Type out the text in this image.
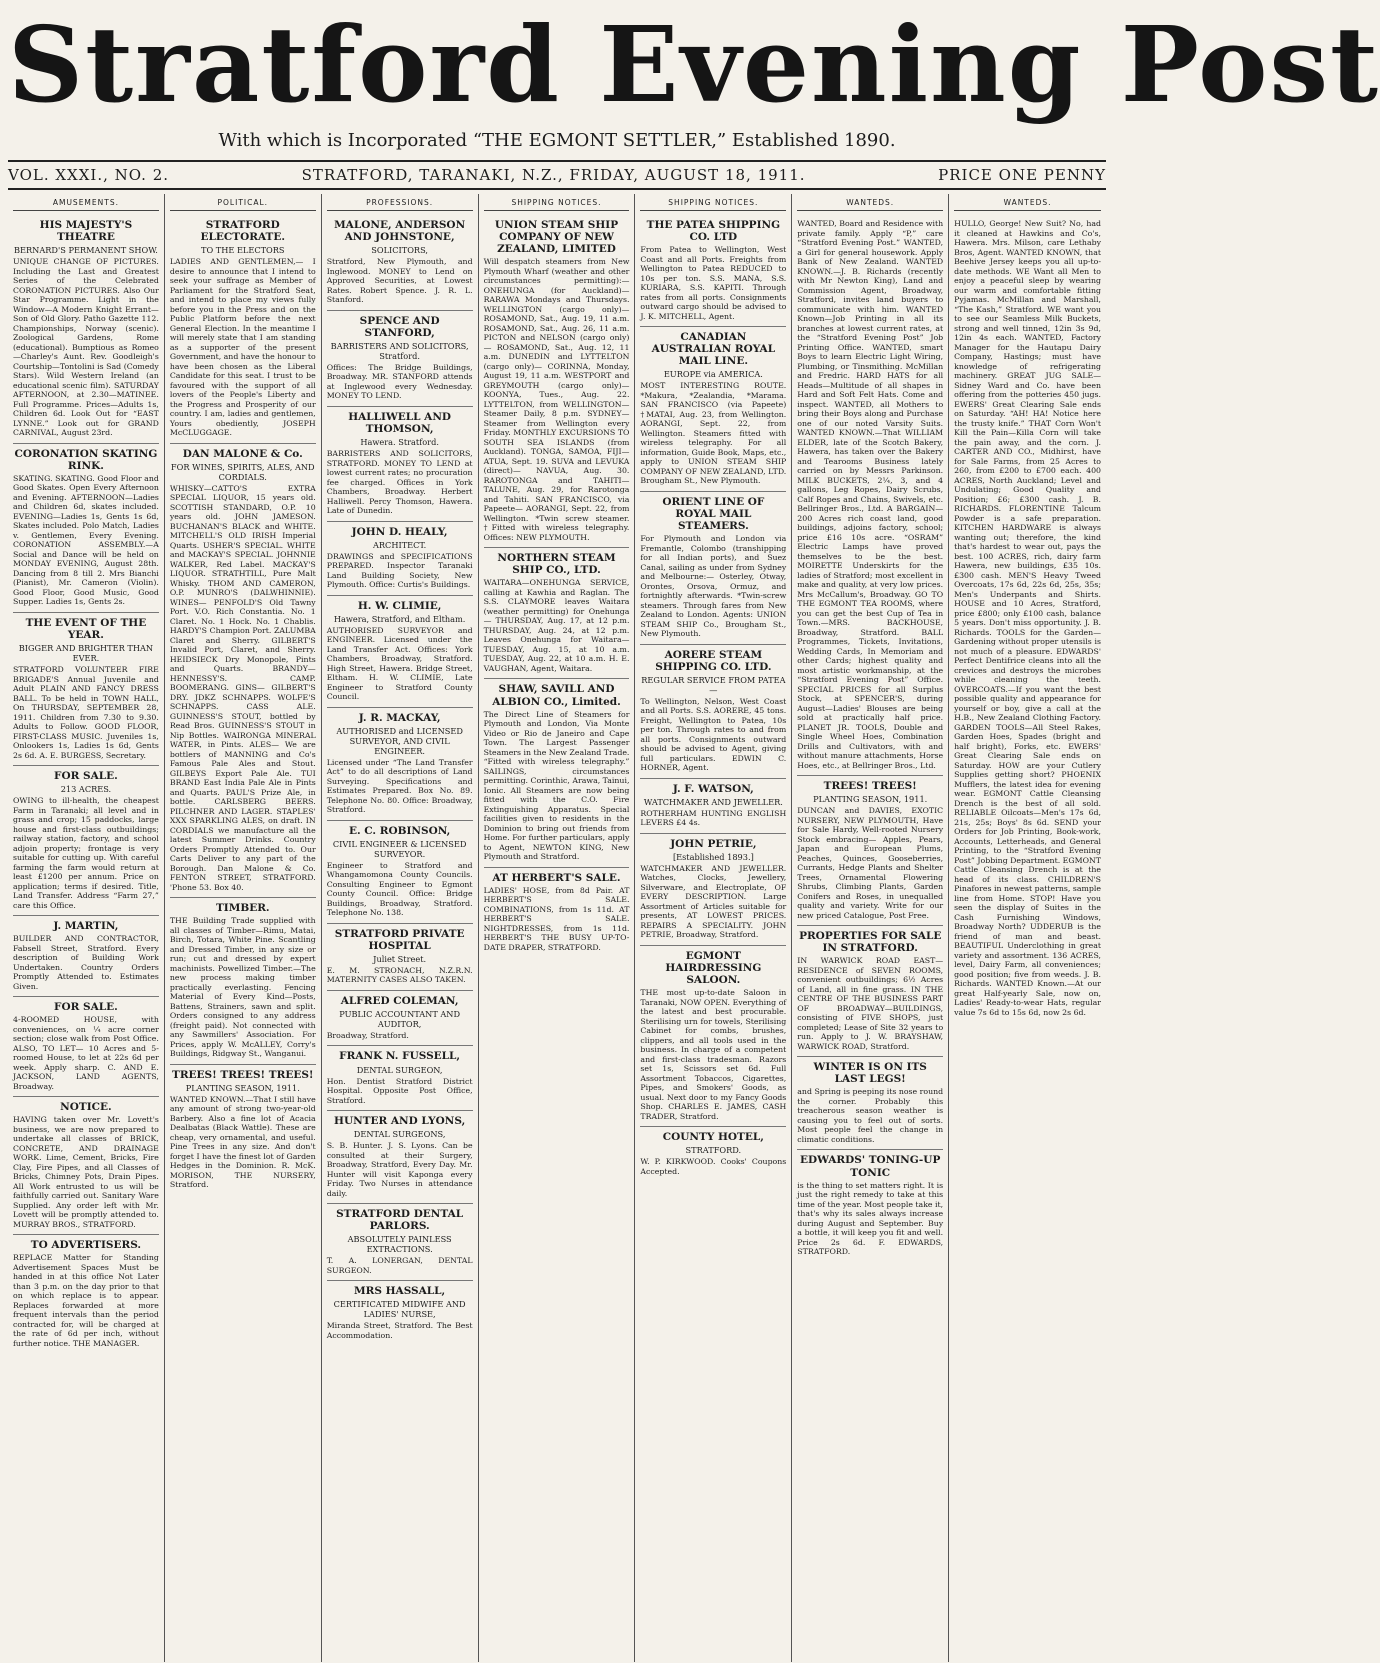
Stratford Evening Post
With which is Incorporated “THE EGMONT SETTLER,” Established 1890.
VOL. XXXI., NO. 2.	STRATFORD, TARANAKI, N.Z., FRIDAY, AUGUST 18, 1911.	PRICE ONE PENNY
AMUSEMENTS.
HIS MAJESTY'S THEATRE
BERNARD'S PERMANENT SHOW.
UNIQUE CHANGE OF PICTURES. Including the Last and Greatest Series of the Celebrated CORONATION PICTURES. Also Our Star Programme. Light in the Window—A Modern Knight Errant—Son of Old Glory. Patho Gazette 112. Championships, Norway (scenic). Zoological Gardens, Rome (educational). Bumptious as Romeo—Charley's Aunt. Rev. Goodleigh's Courtship—Tontolini is Sad (Comedy Stars). Wild Western Ireland (an educational scenic film). SATURDAY AFTERNOON, at 2.30—MATINEE. Full Programme. Prices—Adults 1s, Children 6d. Look Out for “EAST LYNNE.” Look out for GRAND CARNIVAL, August 23rd.
CORONATION SKATING RINK.
SKATING. SKATING. Good Floor and Good Skates. Open Every Afternoon and Evening. AFTERNOON—Ladies and Children 6d, skates included. EVENING—Ladies 1s, Gents 1s 6d, Skates included. Polo Match, Ladies v. Gentlemen, Every Evening. CORONATION ASSEMBLY.—A Social and Dance will be held on MONDAY EVENING, August 28th. Dancing from 8 till 2. Mrs Bianchi (Pianist), Mr. Cameron (Violin). Good Floor, Good Music, Good Supper. Ladies 1s, Gents 2s.
THE EVENT OF THE YEAR.
BIGGER AND BRIGHTER THAN EVER.
STRATFORD VOLUNTEER FIRE BRIGADE'S Annual Juvenile and Adult PLAIN AND FANCY DRESS BALL. To be held in TOWN HALL, On THURSDAY, SEPTEMBER 28, 1911. Children from 7.30 to 9.30. Adults to Follow. GOOD FLOOR, FIRST-CLASS MUSIC. Juveniles 1s, Onlookers 1s, Ladies 1s 6d, Gents 2s 6d. A. E. BURGESS, Secretary.
FOR SALE.
213 ACRES.
OWING to ill-health, the cheapest Farm in Taranaki; all level and in grass and crop; 15 paddocks, large house and first-class outbuildings; railway station, factory, and school adjoin property; frontage is very suitable for cutting up. With careful farming the farm would return at least £1200 per annum. Price on application; terms if desired. Title, Land Transfer. Address “Farm 27,” care this Office.
J. MARTIN,
BUILDER AND CONTRACTOR, Fabsell Street, Stratford. Every description of Building Work Undertaken. Country Orders Promptly Attended to. Estimates Given.
FOR SALE.
4-ROOMED HOUSE, with conveniences, on ¼ acre corner section; close walk from Post Office. ALSO, TO LET— 10 Acres and 5-roomed House, to let at 22s 6d per week. Apply sharp. C. AND E. JACKSON, LAND AGENTS, Broadway.
NOTICE.
HAVING taken over Mr. Lovett's business, we are now prepared to undertake all classes of BRICK, CONCRETE, AND DRAINAGE WORK. Lime, Cement, Bricks, Fire Clay, Fire Pipes, and all Classes of Bricks, Chimney Pots, Drain Pipes. All Work entrusted to us will be faithfully carried out. Sanitary Ware Supplied. Any order left with Mr. Lovett will be promptly attended to. MURRAY BROS., STRATFORD.
TO ADVERTISERS.
REPLACE Matter for Standing Advertisement Spaces Must be handed in at this office Not Later than 3 p.m. on the day prior to that on which replace is to appear. Replaces forwarded at more frequent intervals than the period contracted for, will be charged at the rate of 6d per inch, without further notice. THE MANAGER.
POLITICAL.
STRATFORD ELECTORATE.
TO THE ELECTORS
LADIES AND GENTLEMEN,— I desire to announce that I intend to seek your suffrage as Member of Parliament for the Stratford Seat, and intend to place my views fully before you in the Press and on the Public Platform before the next General Election. In the meantime I will merely state that I am standing as a supporter of the present Government, and have the honour to have been chosen as the Liberal Candidate for this seat. I trust to be favoured with the support of all lovers of the People's Liberty and the Progress and Prosperity of our country. I am, ladies and gentlemen, Yours obediently, JOSEPH McCLUGGAGE.
DAN MALONE & Co.
FOR WINES, SPIRITS, ALES, AND CORDIALS.
WHISKY—CATTO'S EXTRA SPECIAL LIQUOR, 15 years old. SCOTTISH STANDARD, O.P. 10 years old. JOHN JAMESON. BUCHANAN'S BLACK and WHITE. MITCHELL'S OLD IRISH Imperial Quarts. USHER'S SPECIAL. WHITE and MACKAY'S SPECIAL. JOHNNIE WALKER, Red Label. MACKAY'S LIQUOR. STRATHTILL, Pure Malt Whisky. THOM AND CAMERON, O.P. MUNRO'S (DALWHINNIE). WINES— PENFOLD'S Old Tawny Port. V.O. Rich Constantia. No. 1 Claret. No. 1 Hock. No. 1 Chablis. HARDY'S Champion Port. ZALUMBA Claret and Sherry. GILBERT'S Invalid Port, Claret, and Sherry. HEIDSIECK Dry Monopole, Pints and Quarts. BRANDY— HENNESSY'S. CAMP. BOOMERANG. GINS— GILBERT'S DRY. JDKZ SCHNAPPS. WOLFE'S SCHNAPPS. CASS ALE. GUINNESS'S STOUT, bottled by Read Bros. GUINNESS'S STOUT in Nip Bottles. WAIRONGA MINERAL WATER, in Pints. ALES— We are bottlers of MANNING and Co's Famous Pale Ales and Stout. GILBEYS Export Pale Ale. TUI BRAND East India Pale Ale in Pints and Quarts. PAUL'S Prize Ale, in bottle. CARLSBERG BEERS. PILCHNER AND LAGER. STAPLES' XXX SPARKLING ALES, on draft. IN CORDIALS we manufacture all the latest Summer Drinks. Country Orders Promptly Attended to. Our Carts Deliver to any part of the Borough. Dan Malone & Co. FENTON STREET, STRATFORD. 'Phone 53. Box 40.
TIMBER.
THE Building Trade supplied with all classes of Timber—Rimu, Matai, Birch, Totara, White Pine. Scantling and Dressed Timber, in any size or run; cut and dressed by expert machinists. Powellized Timber.—The new process making timber practically everlasting. Fencing Material of Every Kind—Posts, Battens, Strainers, sawn and split. Orders consigned to any address (freight paid). Not connected with any Sawmillers' Association. For Prices, apply W. McALLEY, Corry's Buildings, Ridgway St., Wanganui.
TREES! TREES! TREES!
PLANTING SEASON, 1911.
WANTED KNOWN.—That I still have any amount of strong two-year-old Barbery. Also a fine lot of Acacia Dealbatas (Black Wattle). These are cheap, very ornamental, and useful. Pine Trees in any size. And don't forget I have the finest lot of Garden Hedges in the Dominion. R. McK. MORISON, THE NURSERY, Stratford.
PROFESSIONS.
MALONE, ANDERSON AND JOHNSTONE,
SOLICITORS,
Stratford, New Plymouth, and Inglewood. MONEY to Lend on Approved Securities, at Lowest Rates. Robert Spence. J. R. L. Stanford.
SPENCE AND STANFORD,
BARRISTERS AND SOLICITORS, Stratford.
Offices: The Bridge Buildings, Broadway. MR. STANFORD attends at Inglewood every Wednesday. MONEY TO LEND.
HALLIWELL AND THOMSON,
Hawera. Stratford.
BARRISTERS AND SOLICITORS, STRATFORD. MONEY TO LEND at lowest current rates; no procuration fee charged. Offices in York Chambers, Broadway. Herbert Halliwell. Percy Thomson, Hawera. Late of Dunedin.
JOHN D. HEALY,
ARCHITECT.
DRAWINGS and SPECIFICATIONS PREPARED. Inspector Taranaki Land Building Society, New Plymouth. Office: Curtis's Buildings.
H. W. CLIMIE,
Hawera, Stratford, and Eltham.
AUTHORISED SURVEYOR and ENGINEER. Licensed under the Land Transfer Act. Offices: York Chambers, Broadway, Stratford. High Street, Hawera. Bridge Street, Eltham. H. W. CLIMIE, Late Engineer to Stratford County Council.
J. R. MACKAY,
AUTHORISED and LICENSED SURVEYOR, AND CIVIL ENGINEER.
Licensed under “The Land Transfer Act” to do all descriptions of Land Surveying. Specifications and Estimates Prepared. Box No. 89. Telephone No. 80. Office: Broadway, Stratford.
E. C. ROBINSON,
CIVIL ENGINEER & LICENSED SURVEYOR.
Engineer to Stratford and Whangamomona County Councils. Consulting Engineer to Egmont County Council. Office: Bridge Buildings, Broadway, Stratford. Telephone No. 138.
STRATFORD PRIVATE HOSPITAL
Juliet Street.
E. M. STRONACH, N.Z.R.N. MATERNITY CASES ALSO TAKEN.
ALFRED COLEMAN,
PUBLIC ACCOUNTANT AND AUDITOR,
Broadway, Stratford.
FRANK N. FUSSELL,
DENTAL SURGEON,
Hon. Dentist Stratford District Hospital. Opposite Post Office, Stratford.
HUNTER AND LYONS,
DENTAL SURGEONS,
S. B. Hunter. J. S. Lyons. Can be consulted at their Surgery, Broadway, Stratford, Every Day. Mr. Hunter will visit Kaponga every Friday. Two Nurses in attendance daily.
STRATFORD DENTAL PARLORS.
ABSOLUTELY PAINLESS EXTRACTIONS.
T. A. LONERGAN, DENTAL SURGEON.
MRS HASSALL,
CERTIFICATED MIDWIFE AND LADIES' NURSE,
Miranda Street, Stratford. The Best Accommodation.
SHIPPING NOTICES.
UNION STEAM SHIP COMPANY OF NEW ZEALAND, LIMITED
Will despatch steamers from New Plymouth Wharf (weather and other circumstances permitting):— ONEHUNGA (for Auckland)— RARAWA Mondays and Thursdays. WELLINGTON (cargo only)— ROSAMOND, Sat., Aug. 19, 11 a.m. ROSAMOND, Sat., Aug. 26, 11 a.m. PICTON and NELSON (cargo only)— ROSAMOND, Sat., Aug. 12, 11 a.m. DUNEDIN and LYTTELTON (cargo only)— CORINNA, Monday, August 19, 11 a.m. WESTPORT and GREYMOUTH (cargo only)— KOONYA, Tues., Aug. 22. LYTTELTON, from WELLINGTON—Steamer Daily, 8 p.m. SYDNEY— Steamer from Wellington every Friday. MONTHLY EXCURSIONS TO SOUTH SEA ISLANDS (from Auckland). TONGA, SAMOA, FIJI— ATUA, Sept. 19. SUVA and LEVUKA (direct)— NAVUA, Aug. 30. RAROTONGA and TAHITI— TALUNE, Aug. 29, for Rarotonga and Tahiti. SAN FRANCISCO, via Papeete— AORANGI, Sept. 22, from Wellington. *Twin screw steamer. †Fitted with wireless telegraphy. Offices: NEW PLYMOUTH.
NORTHERN STEAM SHIP CO., LTD.
WAITARA—ONEHUNGA SERVICE, calling at Kawhia and Raglan. The S.S. CLAYMORE leaves Waitara (weather permitting) for Onehunga— THURSDAY, Aug. 17, at 12 p.m. THURSDAY, Aug. 24, at 12 p.m. Leaves Onehunga for Waitara— TUESDAY, Aug. 15, at 10 a.m. TUESDAY, Aug. 22, at 10 a.m. H. E. VAUGHAN, Agent, Waitara.
SHAW, SAVILL AND ALBION CO., Limited.
The Direct Line of Steamers for Plymouth and London, Via Monte Video or Rio de Janeiro and Cape Town. The Largest Passenger Steamers in the New Zealand Trade. “Fitted with wireless telegraphy.” SAILINGS, circumstances permitting. Corinthic, Arawa, Tainui, Ionic. All Steamers are now being fitted with the C.O. Fire Extinguishing Apparatus. Special facilities given to residents in the Dominion to bring out friends from Home. For further particulars, apply to Agent, NEWTON KING, New Plymouth and Stratford.
AT HERBERT'S SALE.
LADIES' HOSE, from 8d Pair. AT HERBERT'S SALE. COMBINATIONS, from 1s 11d. AT HERBERT'S SALE. NIGHTDRESSES, from 1s 11d. HERBERT'S THE BUSY UP-TO-DATE DRAPER, STRATFORD.
SHIPPING NOTICES.
THE PATEA SHIPPING CO. LTD
From Patea to Wellington, West Coast and all Ports. Freights from Wellington to Patea REDUCED to 10s per ton. S.S. MANA, S.S. KURIARA, S.S. KAPITI. Through rates from all ports. Consignments outward cargo should be advised to J. K. MITCHELL, Agent.
CANADIAN AUSTRALIAN ROYAL MAIL LINE.
EUROPE via AMERICA.
MOST INTERESTING ROUTE. *Makura, *Zealandia, *Marama. SAN FRANCISCO (via Papeete) †MATAI, Aug. 23, from Wellington. AORANGI, Sept. 22, from Wellington. Steamers fitted with wireless telegraphy. For all information, Guide Book, Maps, etc., apply to UNION STEAM SHIP COMPANY OF NEW ZEALAND, LTD. Brougham St., New Plymouth.
ORIENT LINE OF ROYAL MAIL STEAMERS.
For Plymouth and London via Fremantle, Colombo (transhipping for all Indian ports), and Suez Canal, sailing as under from Sydney and Melbourne:— Osterley, Otway, Orontes, Orsova, Ormuz, and fortnightly afterwards. *Twin-screw steamers. Through fares from New Zealand to London. Agents: UNION STEAM SHIP Co., Brougham St., New Plymouth.
AORERE STEAM SHIPPING CO. LTD.
REGULAR SERVICE FROM PATEA—
To Wellington, Nelson, West Coast and all Ports. S.S. AORERE, 45 tons. Freight, Wellington to Patea, 10s per ton. Through rates to and from all ports. Consignments outward should be advised to Agent, giving full particulars. EDWIN C. HORNER, Agent.
J. F. WATSON,
WATCHMAKER AND JEWELLER.
ROTHERHAM HUNTING ENGLISH LEVERS £4 4s.
JOHN PETRIE,
[Established 1893.]
WATCHMAKER AND JEWELLER. Watches, Clocks, Jewellery, Silverware, and Electroplate, OF EVERY DESCRIPTION. Large Assortment of Articles suitable for presents, AT LOWEST PRICES. REPAIRS A SPECIALITY. JOHN PETRIE, Broadway, Stratford.
EGMONT HAIRDRESSING SALOON.
THE most up-to-date Saloon in Taranaki, NOW OPEN. Everything of the latest and best procurable. Sterilising urn for towels, Sterilising Cabinet for combs, brushes, clippers, and all tools used in the business. In charge of a competent and first-class tradesman. Razors set 1s, Scissors set 6d. Full Assortment Tobaccos, Cigarettes, Pipes, and Smokers' Goods, as usual. Next door to my Fancy Goods Shop. CHARLES E. JAMES, CASH TRADER, Stratford.
COUNTY HOTEL,
STRATFORD.
W. P. KIRKWOOD. Cooks' Coupons Accepted.
WANTEDS.
WANTED, Board and Residence with private family. Apply “P,” care “Stratford Evening Post.” WANTED, a Girl for general housework. Apply Bank of New Zealand. WANTED KNOWN.—J. B. Richards (recently with Mr Newton King), Land and Commission Agent, Broadway, Stratford, invites land buyers to communicate with him. WANTED Known—Job Printing in all its branches at lowest current rates, at the “Stratford Evening Post” Job Printing Office. WANTED, smart Boys to learn Electric Light Wiring, Plumbing, or Tinsmithing. McMillan and Fredric. HARD HATS for all Heads—Multitude of all shapes in Hard and Soft Felt Hats. Come and inspect. WANTED, all Mothers to bring their Boys along and Purchase one of our noted Varsity Suits. WANTED KNOWN.—That WILLIAM ELDER, late of the Scotch Bakery, Hawera, has taken over the Bakery and Tearooms Business lately carried on by Messrs Parkinson. MILK BUCKETS, 2¼, 3, and 4 gallons, Leg Ropes, Dairy Scrubs, Calf Ropes and Chains, Swivels, etc. Bellringer Bros., Ltd. A BARGAIN—200 Acres rich coast land, good buildings, adjoins factory, school; price £16 10s acre. “OSRAM” Electric Lamps have proved themselves to be the best. MOIRETTE Underskirts for the ladies of Stratford; most excellent in make and quality, at very low prices. Mrs McCallum's, Broadway. GO TO THE EGMONT TEA ROOMS, where you can get the best Cup of Tea in Town.—MRS. BACKHOUSE, Broadway, Stratford. BALL Programmes, Tickets, Invitations, Wedding Cards, In Memoriam and other Cards; highest quality and most artistic workmanship, at the “Stratford Evening Post” Office. SPECIAL PRICES for all Surplus Stock, at SPENCER'S, during August—Ladies' Blouses are being sold at practically half price. PLANET JR. TOOLS, Double and Single Wheel Hoes, Combination Drills and Cultivators, with and without manure attachments, Horse Hoes, etc., at Bellringer Bros., Ltd.
TREES! TREES!
PLANTING SEASON, 1911.
DUNCAN and DAVIES, EXOTIC NURSERY, NEW PLYMOUTH, Have for Sale Hardy, Well-rooted Nursery Stock embracing— Apples, Pears, Japan and European Plums, Peaches, Quinces, Gooseberries, Currants, Hedge Plants and Shelter Trees, Ornamental Flowering Shrubs, Climbing Plants, Garden Conifers and Roses, in unequalled quality and variety. Write for our new priced Catalogue, Post Free.
PROPERTIES FOR SALE IN STRATFORD.
IN WARWICK ROAD EAST—RESIDENCE of SEVEN ROOMS, convenient outbuildings; 6½ Acres of Land, all in fine grass. IN THE CENTRE OF THE BUSINESS PART OF BROADWAY—BUILDINGS, consisting of FIVE SHOPS, just completed; Lease of Site 32 years to run. Apply to J. W. BRAYSHAW, WARWICK ROAD, Stratford.
WINTER IS ON ITS LAST LEGS!
and Spring is peeping its nose round the corner. Probably this treacherous season weather is causing you to feel out of sorts. Most people feel the change in climatic conditions.
EDWARDS' TONING-UP TONIC
is the thing to set matters right. It is just the right remedy to take at this time of the year. Most people take it, that's why its sales always increase during August and September. Buy a bottle, it will keep you fit and well. Price 2s 6d. F. EDWARDS, STRATFORD.
WANTEDS.
HULLO, George! New Suit? No, had it cleaned at Hawkins and Co's, Hawera. Mrs. Milson, care Lethaby Bros, Agent. WANTED KNOWN, that Beehive Jersey keeps you all up-to-date methods. WE Want all Men to enjoy a peaceful sleep by wearing our warm and comfortable fitting Pyjamas. McMillan and Marshall, “The Kash,” Stratford. WE want you to see our Seamless Milk Buckets, strong and well tinned, 12in 3s 9d, 12in 4s each. WANTED, Factory Manager for the Hautapu Dairy Company, Hastings; must have knowledge of refrigerating machinery. GREAT JUG SALE—Sidney Ward and Co. have been offering from the potteries 450 jugs. EWERS' Great Clearing Sale ends on Saturday. “AH! HA! Notice here the trusty knife.” THAT Corn Won't Kill the Pain—Killa Corn will take the pain away, and the corn. J. CARTER AND CO., Midhirst, have for Sale Farms, from 25 Acres to 260, from £200 to £700 each. 400 ACRES, North Auckland; Level and Undulating; Good Quality and Position; £6; £300 cash. J. B. RICHARDS. FLORENTINE Talcum Powder is a safe preparation. KITCHEN HARDWARE is always wanting out; therefore, the kind that's hardest to wear out, pays the best. 100 ACRES, rich, dairy farm Hawera, new buildings, £35 10s. £300 cash. MEN'S Heavy Tweed Overcoats, 17s 6d, 22s 6d, 25s, 35s; Men's Underpants and Shirts. HOUSE and 10 Acres, Stratford, price £800; only £100 cash, balance 5 years. Don't miss opportunity. J. B. Richards. TOOLS for the Garden—Gardening without proper utensils is not much of a pleasure. EDWARDS' Perfect Dentifrice cleans into all the crevices and destroys the microbes while cleaning the teeth. OVERCOATS.—If you want the best possible quality and appearance for yourself or boy, give a call at the H.B., New Zealand Clothing Factory. GARDEN TOOLS—All Steel Rakes, Garden Hoes, Spades (bright and half bright), Forks, etc. EWERS' Great Clearing Sale ends on Saturday. HOW are your Cutlery Supplies getting short? PHOENIX Mufflers, the latest idea for evening wear. EGMONT Cattle Cleansing Drench is the best of all sold. RELIABLE Oilcoats—Men's 17s 6d, 21s, 25s; Boys' 8s 6d. SEND your Orders for Job Printing, Book-work, Accounts, Letterheads, and General Printing, to the “Stratford Evening Post” Jobbing Department. EGMONT Cattle Cleansing Drench is at the head of its class. CHILDREN'S Pinafores in newest patterns, sample line from Home. STOP! Have you seen the display of Suites in the Cash Furnishing Windows, Broadway North? UDDERUB is the friend of man and beast. BEAUTIFUL Underclothing in great variety and assortment. 136 ACRES, level, Dairy Farm, all conveniences; good position; five from weeds. J. B. Richards. WANTED Known.—At our great Half-yearly Sale, now on, Ladies' Ready-to-wear Hats, regular value 7s 6d to 15s 6d, now 2s 6d.
